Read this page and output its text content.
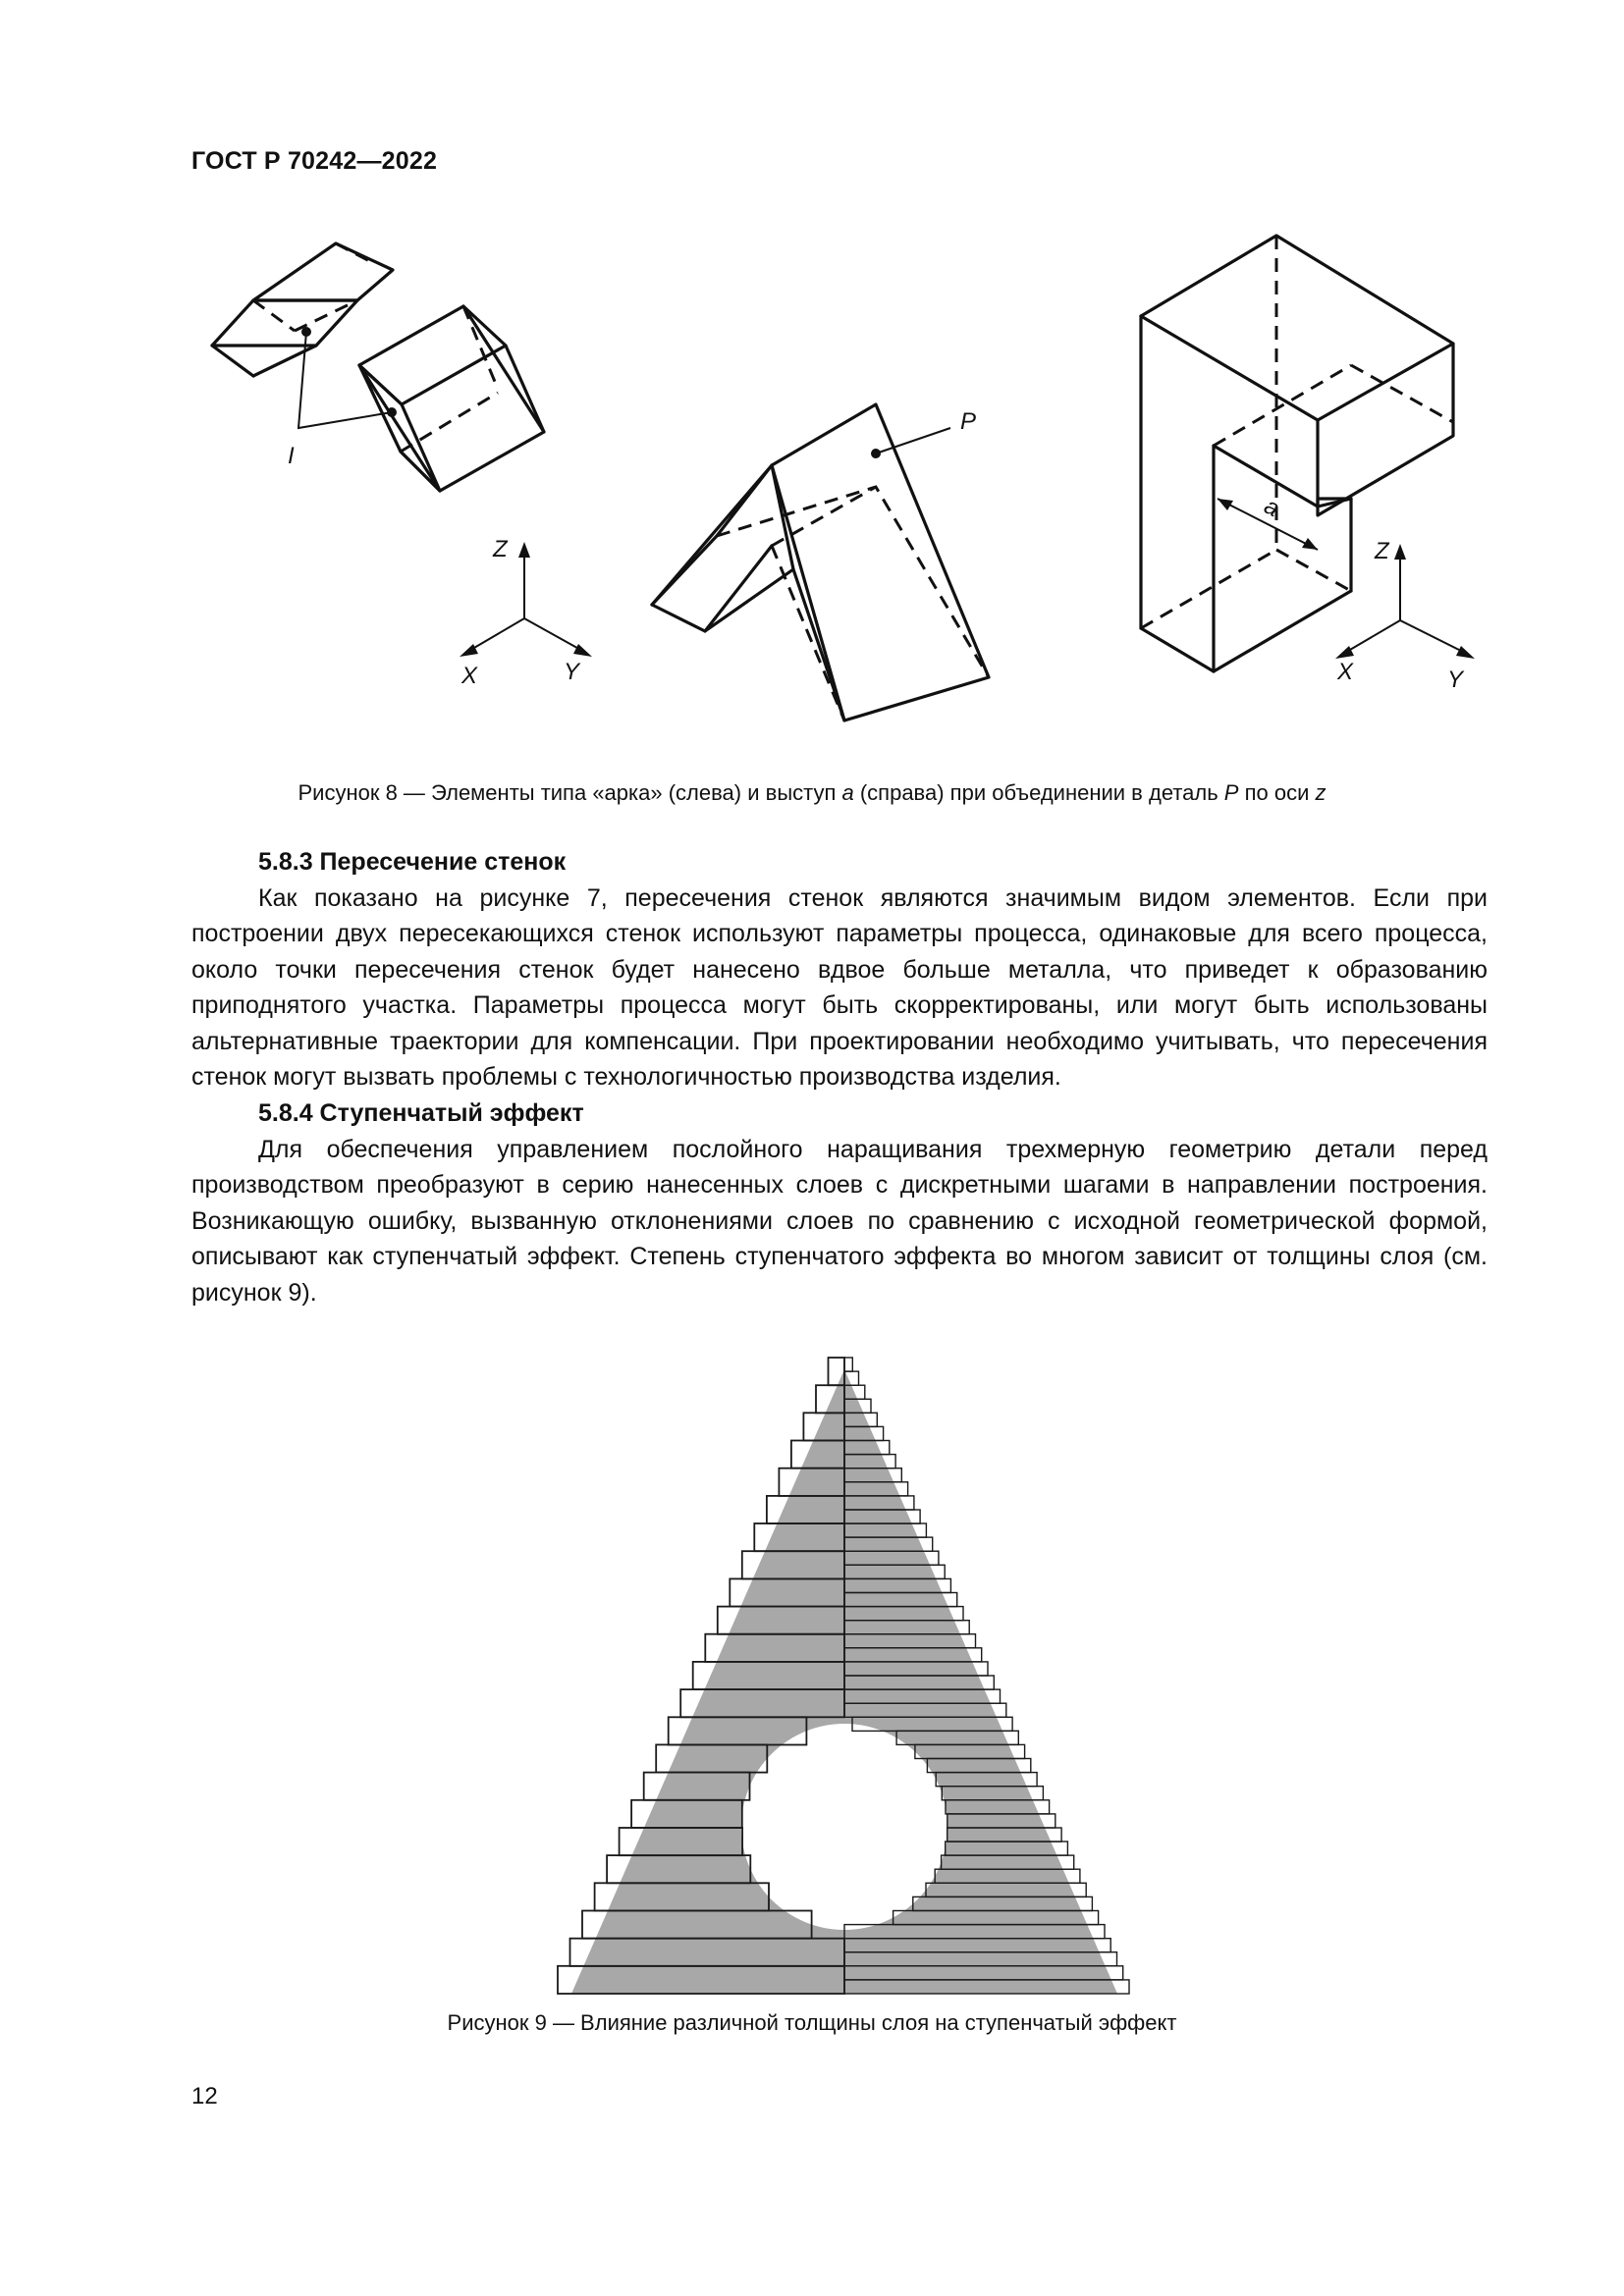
ГОСТ Р 70242—2022
I
Z
X	Y
P
a
Z
X	Y
Рисунок 8 — Элементы типа «арка» (слева) и выступ a (справа) при объединении в деталь P по оси z
5.8.3 Пересечение стенок

Как показано на рисунке 7, пересечения стенок являются значимым видом элементов. Если при построении двух пересекающихся стенок используют параметры процесса, одинаковые для всего процесса, около точки пересечения стенок будет нанесено вдвое больше металла, что приведет к образованию приподнятого участка. Параметры процесса могут быть скорректированы, или могут быть использованы альтернативные траектории для компенсации. При проектировании необходимо учитывать, что пересечения стенок могут вызвать проблемы с технологичностью производства изделия.

5.8.4 Ступенчатый эффект

Для обеспечения управлением послойного наращивания трехмерную геометрию детали перед производством преобразуют в серию нанесенных слоев с дискретными шагами в направлении построения. Возникающую ошибку, вызванную отклонениями слоев по сравнению с исходной геометрической формой, описывают как ступенчатый эффект. Степень ступенчатого эффекта во многом зависит от толщины слоя (см. рисунок 9).

Рисунок 9 — Влияние различной толщины слоя на ступенчатый эффект
12
